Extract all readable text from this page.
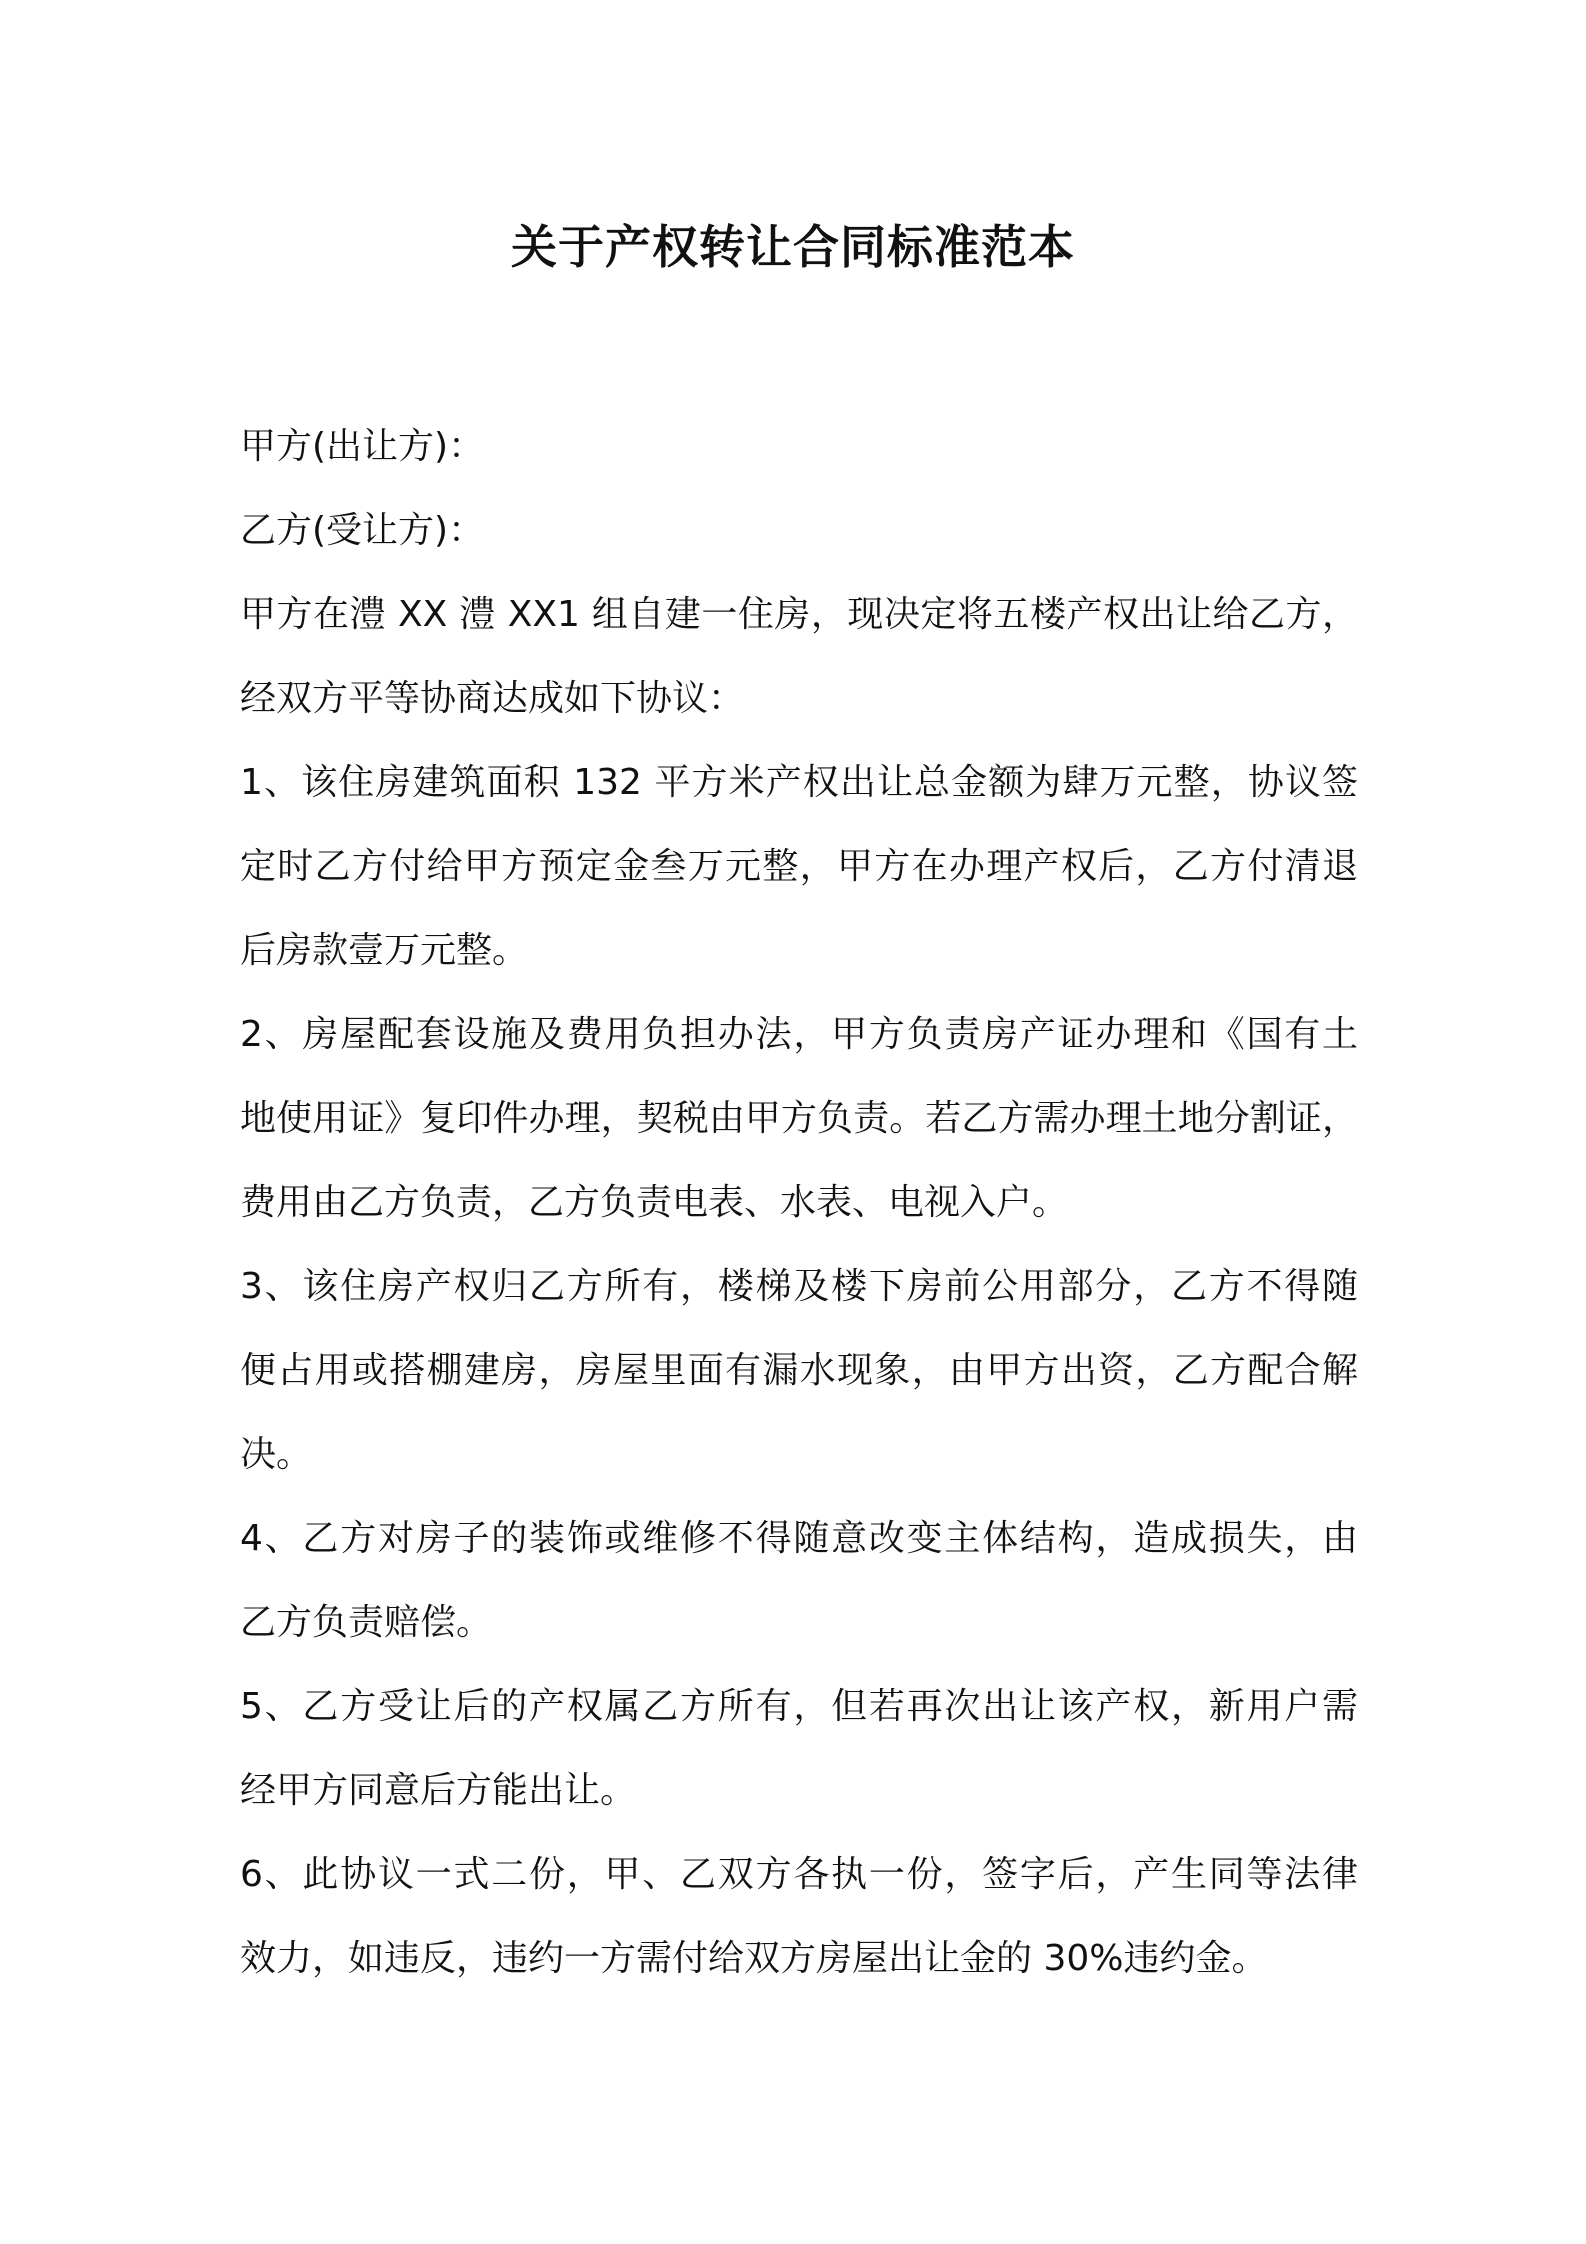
关于产权转让合同标准范本
甲方(出让方)：
乙方(受让方)：
甲方在澧 XX 澧 XX1 组自建一住房，现决定将五楼产权出让给乙方，
经双方平等协商达成如下协议：
1、该住房建筑面积 132 平方米产权出让总金额为肆万元整，协议签
定时乙方付给甲方预定金叁万元整，甲方在办理产权后，乙方付清退
后房款壹万元整。
2、房屋配套设施及费用负担办法，甲方负责房产证办理和《国有土
地使用证》复印件办理，契税由甲方负责。若乙方需办理土地分割证，
费用由乙方负责，乙方负责电表、水表、电视入户。
3、该住房产权归乙方所有，楼梯及楼下房前公用部分，乙方不得随
便占用或搭棚建房，房屋里面有漏水现象，由甲方出资，乙方配合解
决。
4、乙方对房子的装饰或维修不得随意改变主体结构，造成损失，由
乙方负责赔偿。
5、乙方受让后的产权属乙方所有，但若再次出让该产权，新用户需
经甲方同意后方能出让。
6、此协议一式二份，甲、乙双方各执一份，签字后，产生同等法律
效力，如违反，违约一方需付给双方房屋出让金的 30%违约金。
